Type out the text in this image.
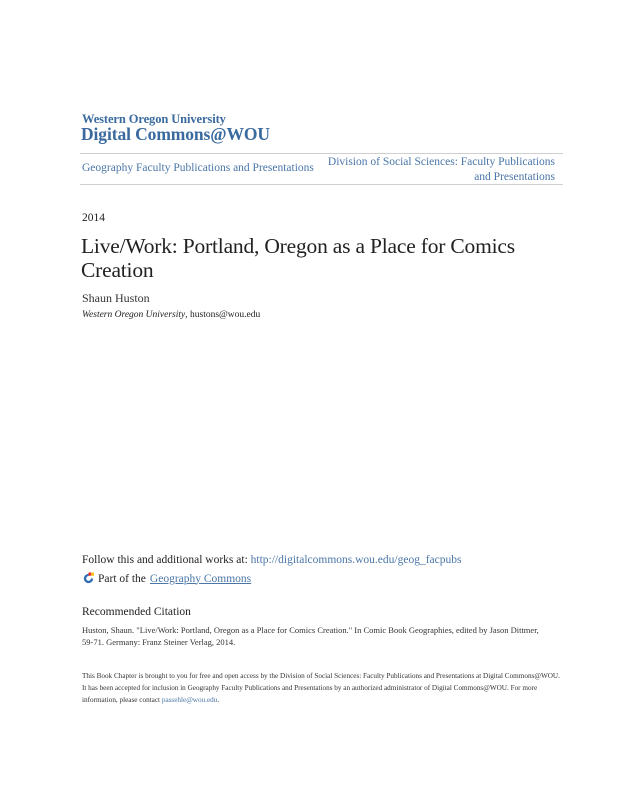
Western Oregon University
Digital Commons@WOU
Geography Faculty Publications and Presentations Division of Social Sciences: Faculty Publications
and Presentations
2014
Live/Work: Portland, Oregon as a Place for Comics Creation
Shaun Huston
Western Oregon University, hustons@wou.edu
Follow this and additional works at: http://digitalcommons.wou.edu/geog_facpubs
Part of the Geography Commons
Recommended Citation
Huston, Shaun. "Live/Work: Portland, Oregon as a Place for Comics Creation." In Comic Book Geographies, edited by Jason Dittmer, 59-71. Germany: Franz Steiner Verlag, 2014.
This Book Chapter is brought to you for free and open access by the Division of Social Sciences: Faculty Publications and Presentations at Digital Commons@WOU. It has been accepted for inclusion in Geography Faculty Publications and Presentations by an authorized administrator of Digital Commons@WOU. For more information, please contact passehle@wou.edu.
